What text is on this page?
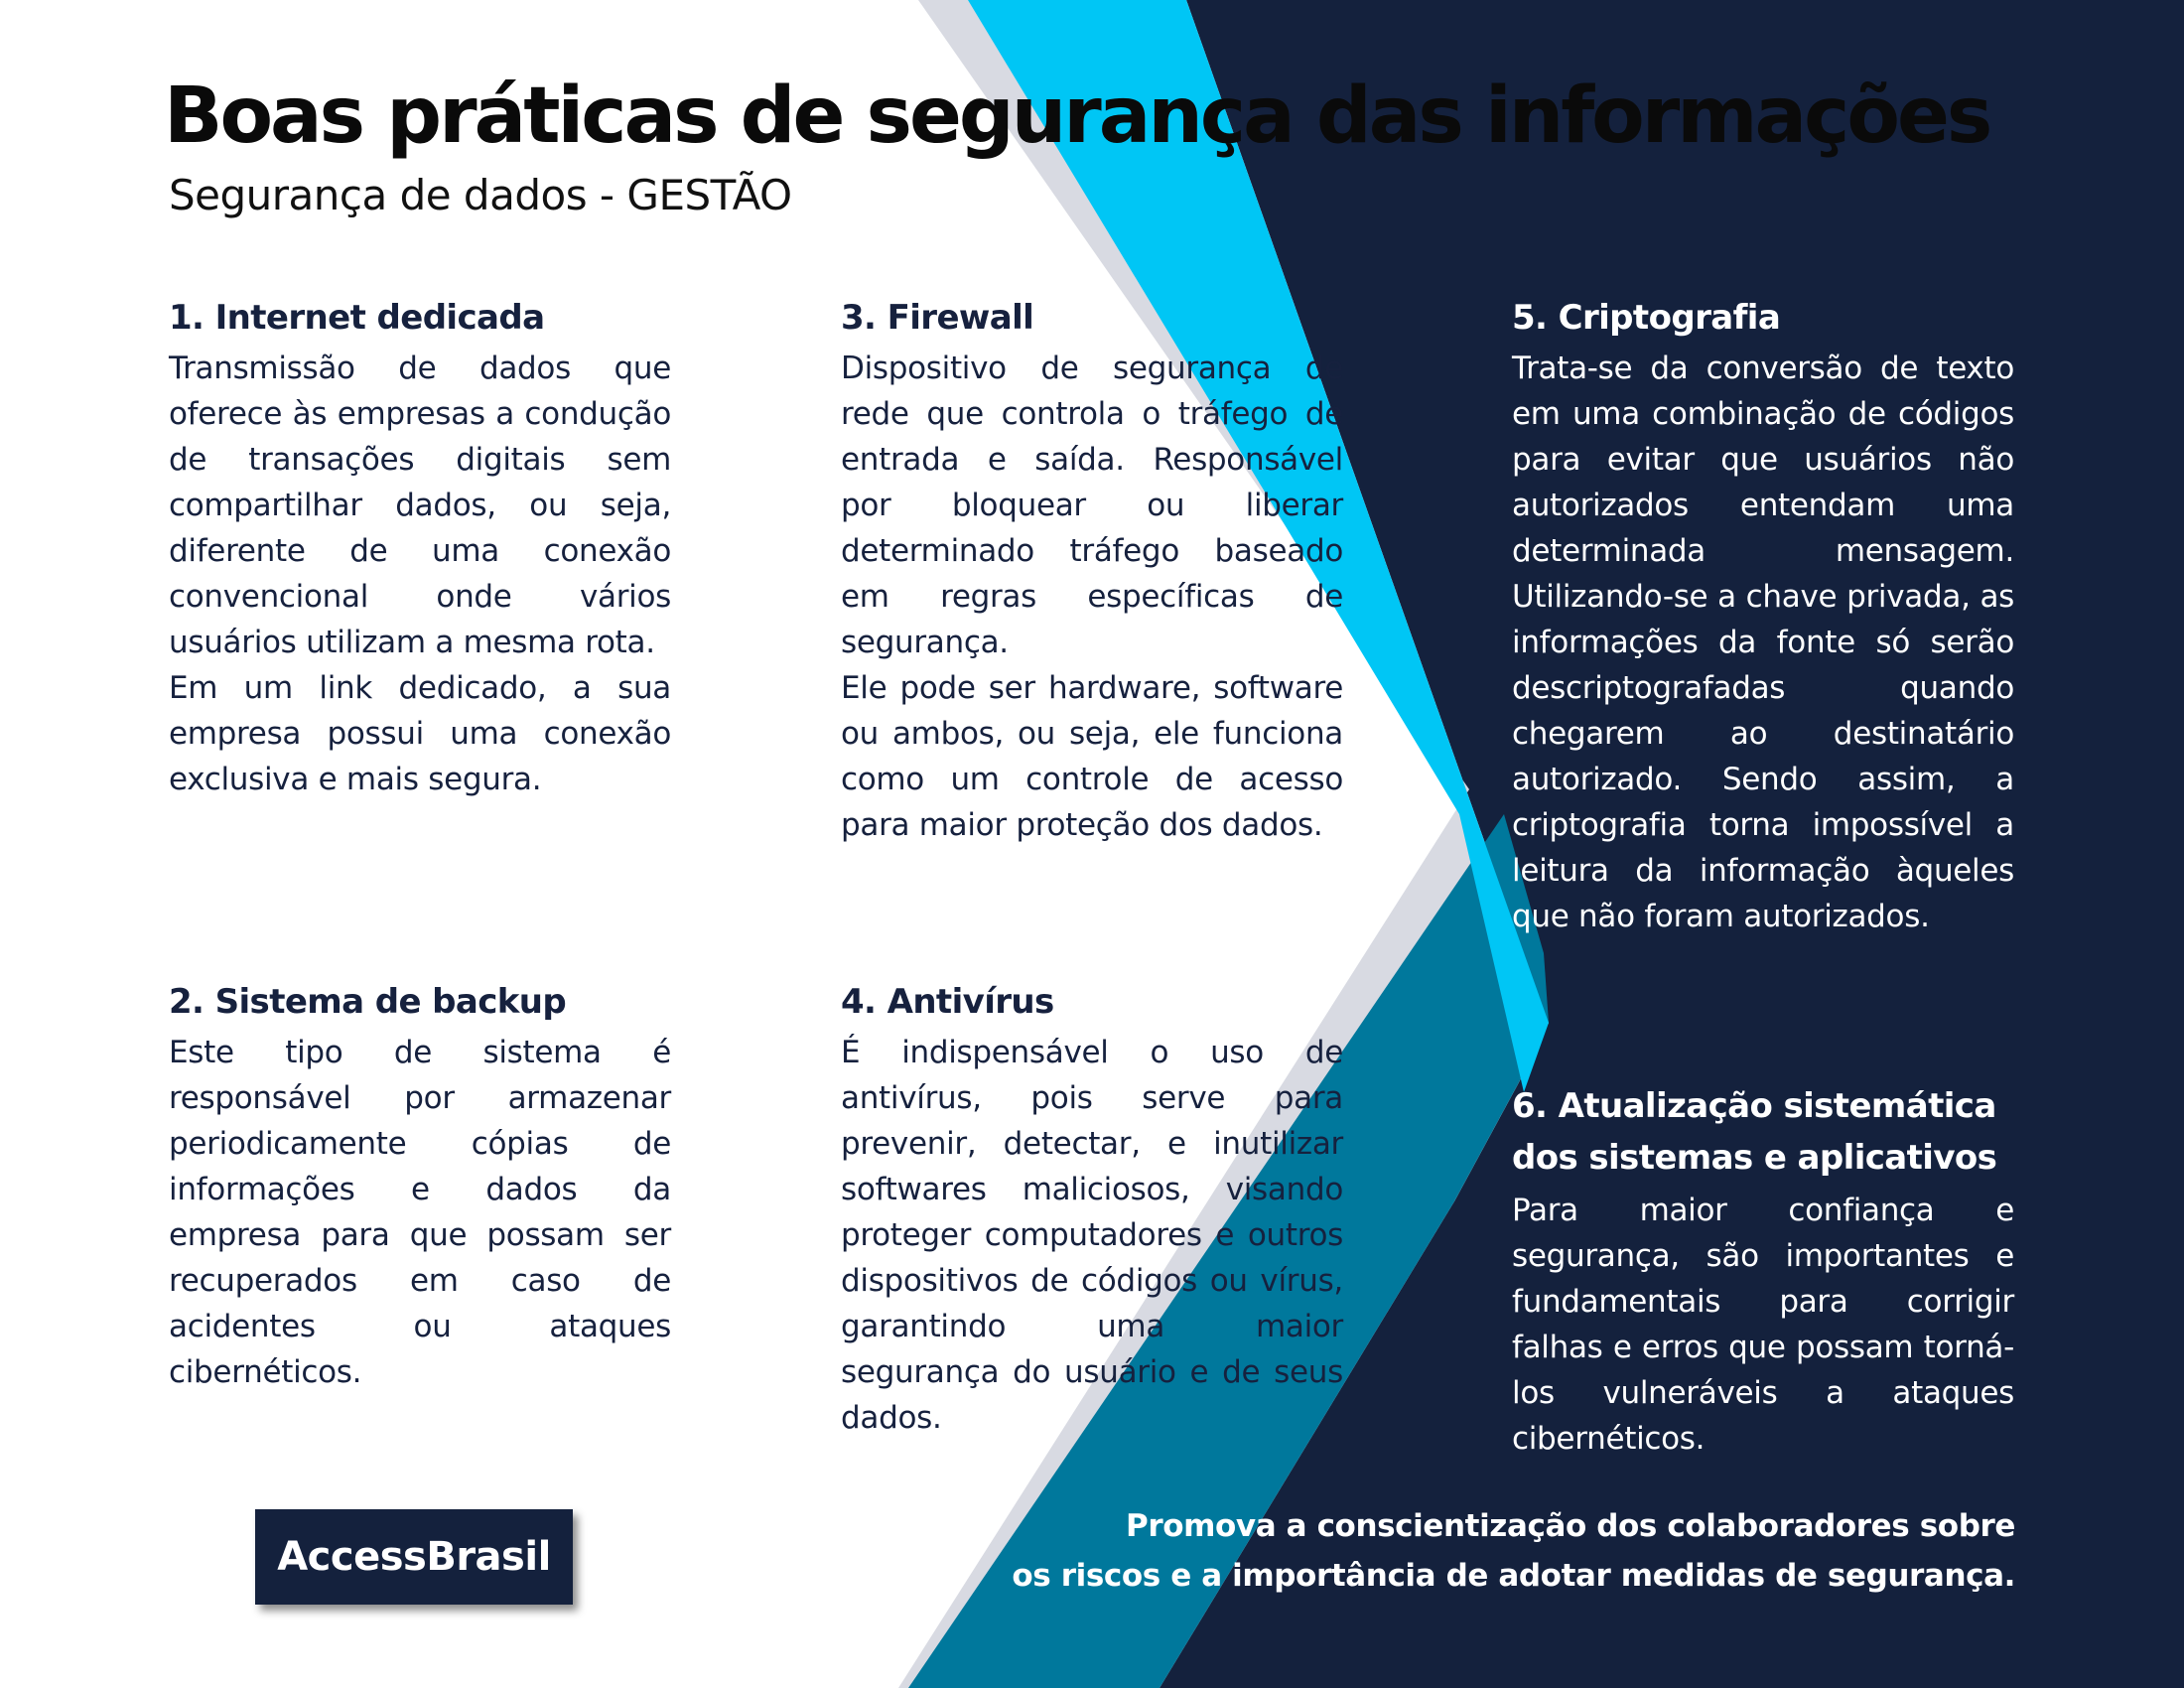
Boas práticas de segurança das informações
Segurança de dados - GESTÃO
1. Internet dedicada

Transmissão de dados que oferece às empresas a condução de transações digitais sem compartilhar dados, ou seja, diferente de uma conexão convencional onde vários usuários utilizam a mesma rota.

Em um link dedicado, a sua empresa possui uma conexão exclusiva e mais segura.

2. Sistema de backup

Este tipo de sistema é responsável por armazenar periodicamente cópias de informações e dados da empresa para que possam ser recuperados em caso de acidentes ou ataques cibernéticos.

3. Firewall

Dispositivo de segurança de rede que controla o tráfego de entrada e saída. Responsável por bloquear ou liberar determinado tráfego baseado em regras específicas de segurança.

Ele pode ser hardware, software ou ambos, ou seja, ele funciona como um controle de acesso para maior proteção dos dados.

4. Antivírus

É indispensável o uso de antivírus, pois serve para prevenir, detectar, e inutilizar softwares maliciosos, visando proteger computadores e outros dispositivos de códigos ou vírus, garantindo uma maior segurança do usuário e de seus dados.

5. Criptografia

Trata-se da conversão de texto em uma combinação de códigos para evitar que usuários não autorizados entendam uma determinada mensagem. Utilizando-se a chave privada, as informações da fonte só serão descriptografadas quando chegarem ao destinatário autorizado. Sendo assim, a criptografia torna impossível a leitura da informação àqueles que não foram autorizados.

6. Atualização sistemática dos sistemas e aplicativos

Para maior confiança e segurança, são importantes e fundamentais para corrigir falhas e erros que possam torná-los vulneráveis a ataques cibernéticos.

AccessBrasil
Promova a conscientização dos colaboradores sobre
os riscos e a importância de adotar medidas de segurança.
